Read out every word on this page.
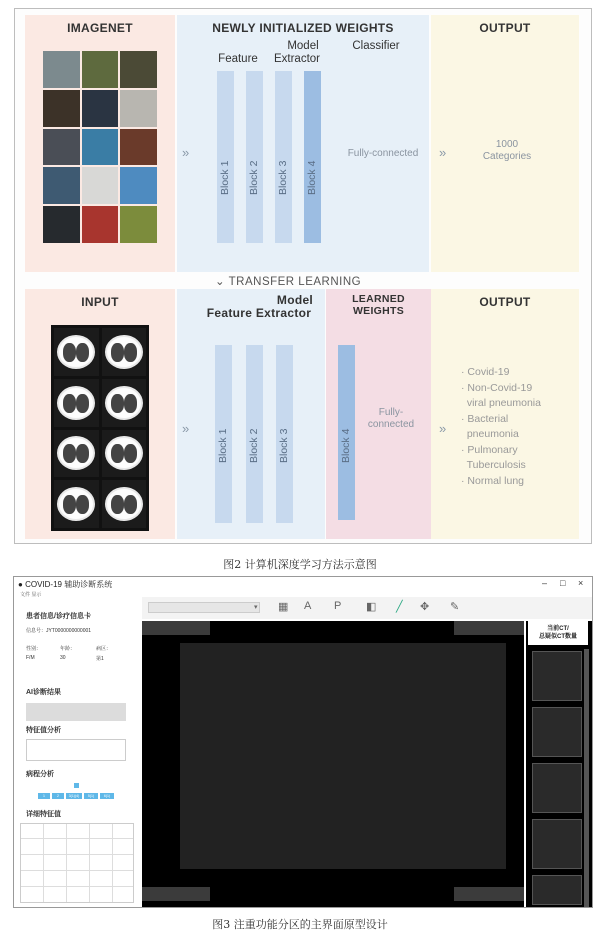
IMAGENET	NEWLY INITIALIZED WEIGHTS	OUTPUT
Model
Feature	Extractor
Classifier
Block 1 Block 2 Block 3 Block 4
»	Fully-connected	»
1000
Categories
⌄ TRANSFER LEARNING
INPUT	Model
Feature Extractor
LEARNED
WEIGHTS
OUTPUT
Block 1 Block 2 Block 3	Block 4
»
Fully-
connected	»
· Covid-19
· Non-Covid-19
viral pneumonia
· Bacterial
pneumonia
· Pulmonary
Tuberculosis
· Normal lung
图2 计算机深度学习方法示意图
● COVID-19 辅助诊断系统	– □ ×
文件 显示
患者信息/诊疗信息卡
信息号：JYT0000000000001
性别：	年龄：	病区：
F/M	30	第1
AI诊断结果
特征值分析
病程分析
1	2	3(1)(4)	5(1)	6(1)
详细特征值
▾ ▦ A P ◧ ╱ ✥ ✎
当前CT/
总疑似CT数量
图3 注重功能分区的主界面原型设计
